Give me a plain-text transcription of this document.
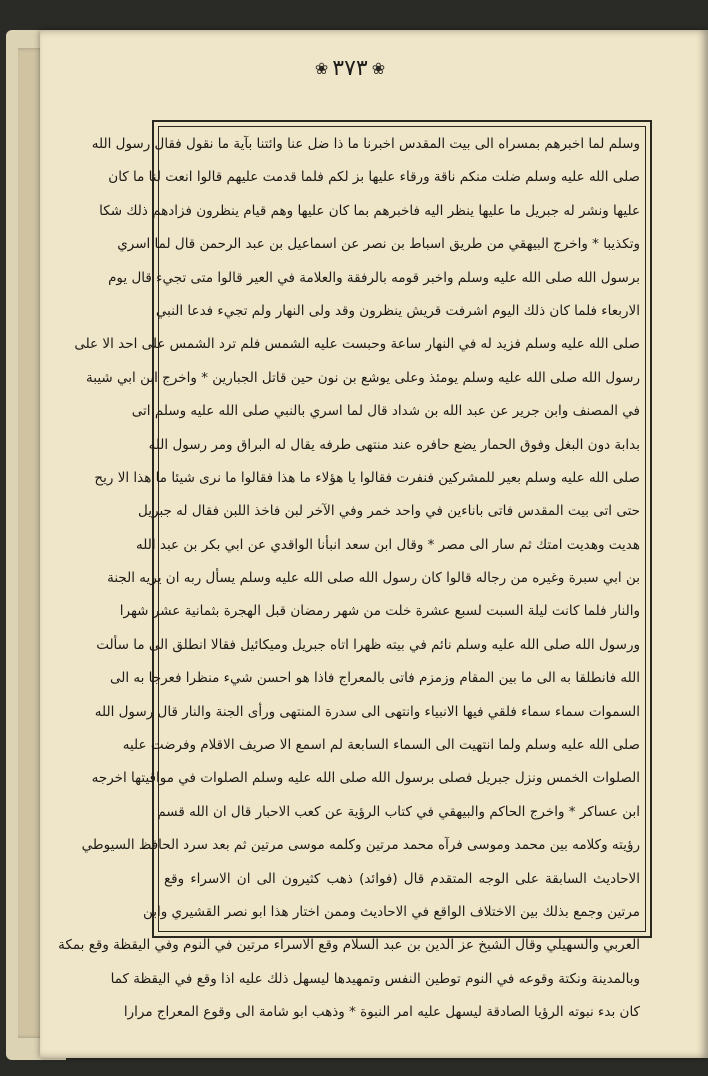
❀ ٣٧٣ ❀
وسلم لما اخبرهم بمسراه الى بيت المقدس اخبرنا ما ذا ضل عنا وائتنا بآية ما نقول فقال رسول الله
صلى الله عليه وسلم ضلت منكم ناقة ورقاء عليها بز لكم فلما قدمت عليهم قالوا انعت لنا ما كان
عليها ونشر له جبريل ما عليها ينظر اليه فاخبرهم بما كان عليها وهم قيام ينظرون فزادهم ذلك شكا
وتكذيبا * واخرج البيهقي من طريق اسباط بن نصر عن اسماعيل بن عبد الرحمن قال لما اسري
برسول الله صلى الله عليه وسلم واخبر قومه بالرفقة والعلامة في العير قالوا متى تجيء قال يوم
الاربعاء فلما كان ذلك اليوم اشرفت قريش ينظرون وقد ولى النهار ولم تجيء فدعا النبي
صلى الله عليه وسلم فزيد له في النهار ساعة وحبست عليه الشمس فلم ترد الشمس على احد الا على
رسول الله صلى الله عليه وسلم يومئذ وعلى يوشع بن نون حين قاتل الجبارين * واخرج ابن ابي شيبة
في المصنف وابن جرير عن عبد الله بن شداد قال لما اسري بالنبي صلى الله عليه وسلم اتى
بدابة دون البغل وفوق الحمار يضع حافره عند منتهى طرفه يقال له البراق ومر رسول الله
صلى الله عليه وسلم بعير للمشركين فنفرت فقالوا يا هؤلاء ما هذا فقالوا ما نرى شيئا ما هذا الا ريح
حتى اتى بيت المقدس فاتى باناءين في واحد خمر وفي الآخر لبن فاخذ اللبن فقال له جبريل
هديت وهديت امتك ثم سار الى مصر * وقال ابن سعد انبأنا الواقدي عن ابي بكر بن عبد الله
بن ابي سبرة وغيره من رجاله قالوا كان رسول الله صلى الله عليه وسلم يسأل ربه ان يريه الجنة
والنار فلما كانت ليلة السبت لسبع عشرة خلت من شهر رمضان قبل الهجرة بثمانية عشر شهرا
ورسول الله صلى الله عليه وسلم نائم في بيته ظهرا اتاه جبريل وميكائيل فقالا انطلق الى ما سألت
الله فانطلقا به الى ما بين المقام وزمزم فاتى بالمعراج فاذا هو احسن شيء منظرا فعرجا به الى
السموات سماء سماء فلقي فيها الانبياء وانتهى الى سدرة المنتهى ورأى الجنة والنار قال رسول الله
صلى الله عليه وسلم ولما انتهيت الى السماء السابعة لم اسمع الا صريف الاقلام وفرضت عليه
الصلوات الخمس ونزل جبريل فصلى برسول الله صلى الله عليه وسلم الصلوات في مواقيتها اخرجه
ابن عساكر * واخرج الحاكم والبيهقي في كتاب الرؤية عن كعب الاحبار قال ان الله قسم
رؤيته وكلامه بين محمد وموسى فرآه محمد مرتين وكلمه موسى مرتين ثم بعد سرد الحافظ السيوطي
الاحاديث السابقة على الوجه المتقدم قال (فوائد) ذهب كثيرون الى ان الاسراء وقع
مرتين وجمع بذلك بين الاختلاف الواقع في الاحاديث وممن اختار هذا ابو نصر القشيري وابن
العربي والسهيلي وقال الشيخ عز الدين بن عبد السلام وقع الاسراء مرتين في النوم وفي اليقظة وقع بمكة
وبالمدينة ونكتة وقوعه في النوم توطين النفس وتمهيدها ليسهل ذلك عليه اذا وقع في اليقظة كما
كان بدء نبوته الرؤيا الصادقة ليسهل عليه امر النبوة * وذهب ابو شامة الى وقوع المعراج مرارا
